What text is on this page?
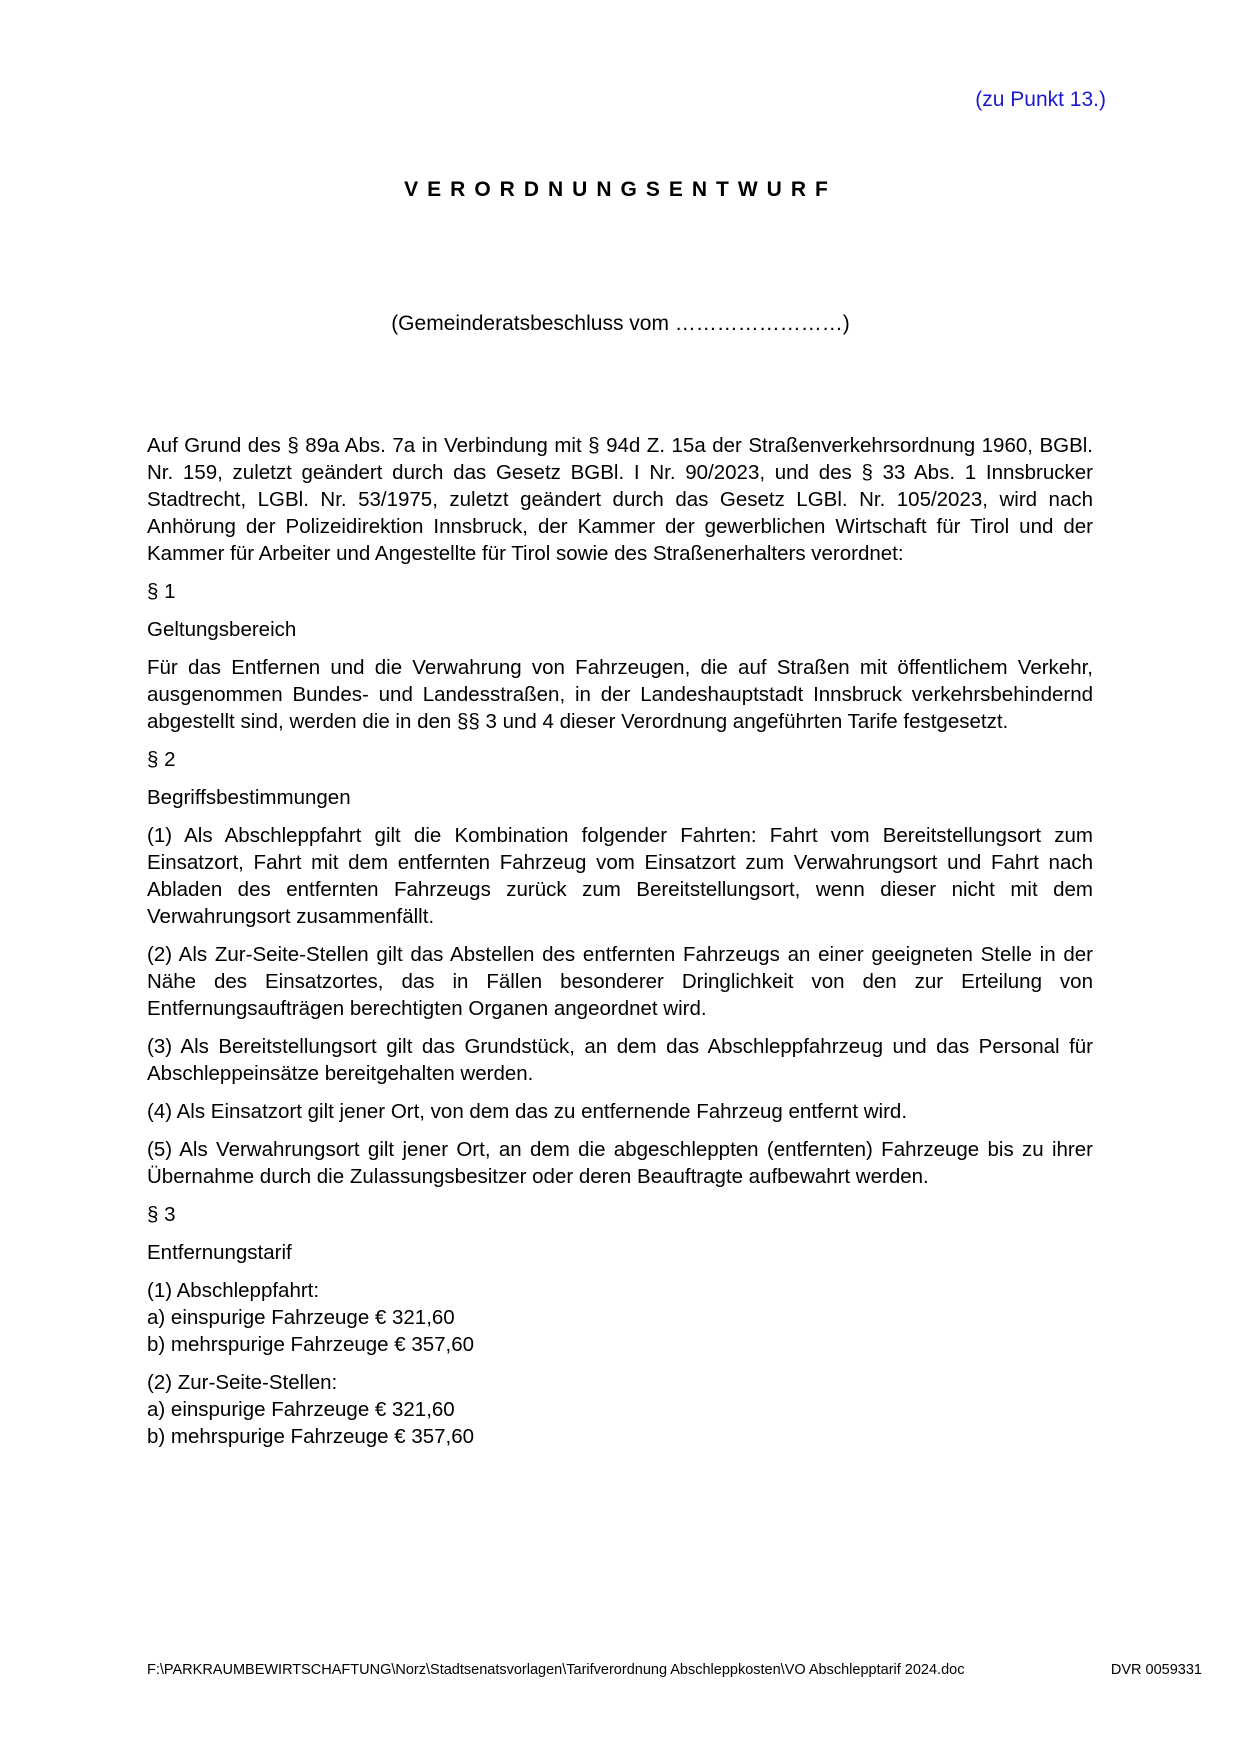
(zu Punkt 13.)
VERORDNUNGSENTWURF
(Gemeinderatsbeschluss vom ……………………)

Auf Grund des § 89a Abs. 7a in Verbindung mit § 94d Z. 15a der Straßenverkehrsordnung 1960, BGBl. Nr. 159, zuletzt geändert durch das Gesetz BGBl. I Nr. 90/2023, und des § 33 Abs. 1 Innsbrucker Stadtrecht, LGBl. Nr. 53/1975, zuletzt geändert durch das Gesetz LGBl. Nr. 105/2023, wird nach Anhörung der Polizeidirektion Innsbruck, der Kammer der gewerblichen Wirtschaft für Tirol und der Kammer für Arbeiter und Angestellte für Tirol sowie des Straßenerhalters verordnet:

§ 1

Geltungsbereich

Für das Entfernen und die Verwahrung von Fahrzeugen, die auf Straßen mit öffentlichem Verkehr, ausgenommen Bundes- und Landesstraßen, in der Landeshauptstadt Innsbruck verkehrsbehindernd abgestellt sind, werden die in den §§ 3 und 4 dieser Verordnung angeführten Tarife festgesetzt.

§ 2

Begriffsbestimmungen

(1) Als Abschleppfahrt gilt die Kombination folgender Fahrten: Fahrt vom Bereitstellungsort zum Einsatzort, Fahrt mit dem entfernten Fahrzeug vom Einsatzort zum Verwahrungsort und Fahrt nach Abladen des entfernten Fahrzeugs zurück zum Bereitstellungsort, wenn dieser nicht mit dem Verwahrungsort zusammenfällt.

(2) Als Zur-Seite-Stellen gilt das Abstellen des entfernten Fahrzeugs an einer geeigneten Stelle in der Nähe des Einsatzortes, das in Fällen besonderer Dringlichkeit von den zur Erteilung von Entfernungsaufträgen berechtigten Organen angeordnet wird.

(3) Als Bereitstellungsort gilt das Grundstück, an dem das Abschleppfahrzeug und das Personal für Abschleppeinsätze bereitgehalten werden.

(4) Als Einsatzort gilt jener Ort, von dem das zu entfernende Fahrzeug entfernt wird.

(5) Als Verwahrungsort gilt jener Ort, an dem die abgeschleppten (entfernten) Fahrzeuge bis zu ihrer Übernahme durch die Zulassungsbesitzer oder deren Beauftragte aufbewahrt werden.

§ 3

Entfernungstarif

(1) Abschleppfahrt:
a) einspurige Fahrzeuge € 321,60
b) mehrspurige Fahrzeuge € 357,60
(2) Zur-Seite-Stellen:
a) einspurige Fahrzeuge € 321,60
b) mehrspurige Fahrzeuge € 357,60
F:\PARKRAUMBEWIRTSCHAFTUNG\Norz\Stadtsenatsvorlagen\Tarifverordnung Abschleppkosten\VO Abschlepptarif 2024.doc	DVR 0059331
